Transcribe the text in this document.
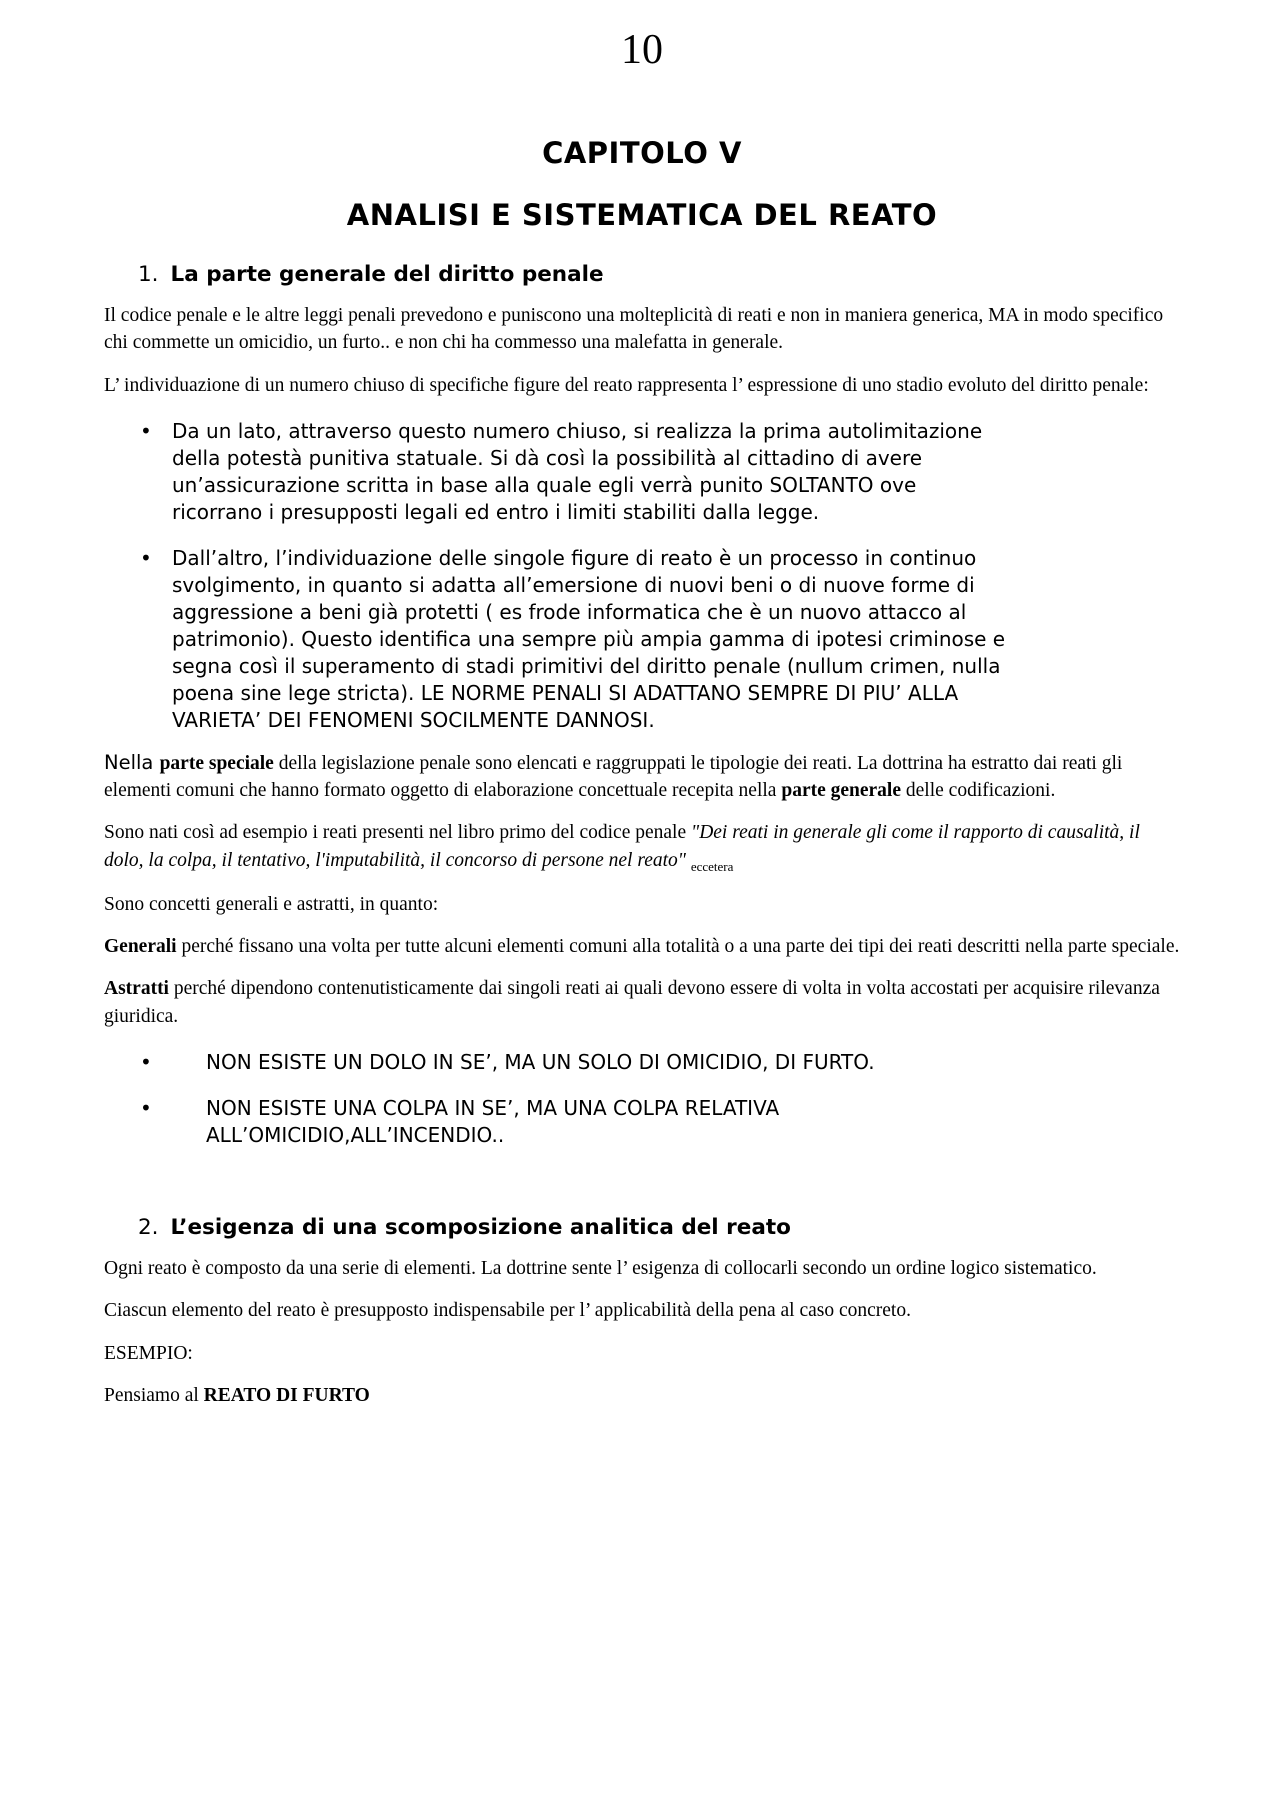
10
CAPITOLO V
ANALISI E SISTEMATICA DEL REATO
1. La parte generale del diritto penale

Il codice penale e le altre leggi penali prevedono e puniscono una molteplicità di reati e non in maniera generica, MA in modo specifico chi commette un omicidio, un furto.. e non chi ha commesso una malefatta in generale.

L’ individuazione di un numero chiuso di specifiche figure del reato rappresenta l’ espressione di uno stadio evoluto del diritto penale:

•	Da un lato, attraverso questo numero chiuso, si realizza la prima autolimitazione della potestà punitiva statuale. Si dà così la possibilità al cittadino di avere un’assicurazione scritta in base alla quale egli verrà punito SOLTANTO ove ricorrano i presupposti legali ed entro i limiti stabiliti dalla legge.
•	Dall’altro, l’individuazione delle singole figure di reato è un processo in continuo svolgimento, in quanto si adatta all’emersione di nuovi beni o di nuove forme di aggressione a beni già protetti ( es frode informatica che è un nuovo attacco al patrimonio). Questo identifica una sempre più ampia gamma di ipotesi criminose e segna così il superamento di stadi primitivi del diritto penale (nullum crimen, nulla poena sine lege stricta). LE NORME PENALI SI ADATTANO SEMPRE DI PIU’ ALLA VARIETA’ DEI FENOMENI SOCILMENTE DANNOSI.

Nella parte speciale della legislazione penale sono elencati e raggruppati le tipologie dei reati. La dottrina ha estratto dai reati gli elementi comuni che hanno formato oggetto di elaborazione concettuale recepita nella parte generale delle codificazioni.

Sono nati così ad esempio i reati presenti nel libro primo del codice penale "Dei reati in generale gli come il rapporto di causalità, il dolo, la colpa, il tentativo, l'imputabilità, il concorso di persone nel reato" $_{eccetera}$

Sono concetti generali e astratti, in quanto:

Generali perché fissano una volta per tutte alcuni elementi comuni alla totalità o a una parte dei tipi dei reati descritti nella parte speciale.

Astratti perché dipendono contenutisticamente dai singoli reati ai quali devono essere di volta in volta accostati per acquisire rilevanza giuridica.

•	NON ESISTE UN DOLO IN SE’, MA UN SOLO DI OMICIDIO, DI FURTO.
•	NON ESISTE UNA COLPA IN SE’, MA UNA COLPA RELATIVA ALL’OMICIDIO,ALL’INCENDIO..
2. L’esigenza di una scomposizione analitica del reato

Ogni reato è composto da una serie di elementi. La dottrine sente l’ esigenza di collocarli secondo un ordine logico sistematico.

Ciascun elemento del reato è presupposto indispensabile per l’ applicabilità della pena al caso concreto.

ESEMPIO:

Pensiamo al REATO DI FURTO
